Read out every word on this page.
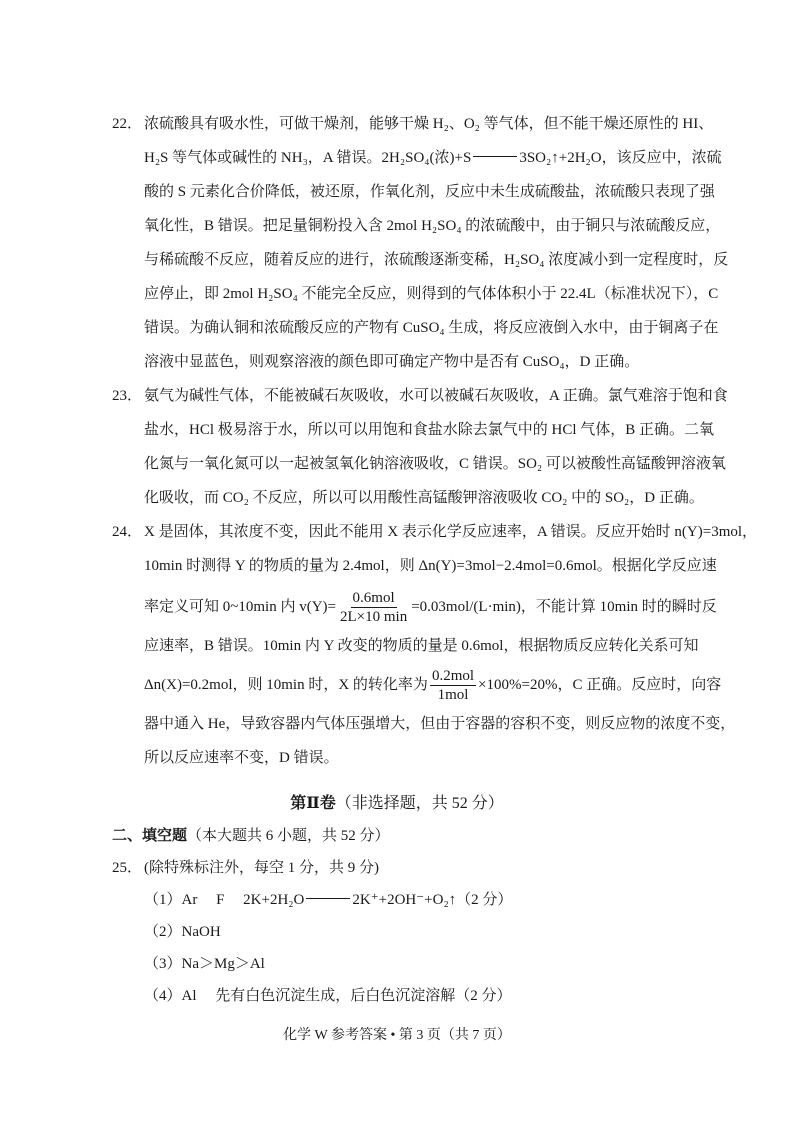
22． 浓硫酸具有吸水性，可做干燥剂，能够干燥 H₂、O₂ 等气体，但不能干燥还原性的 HI、
H₂S 等气体或碱性的 NH₃，A 错误。2H₂SO₄(浓)+S	3SO₂↑+2H₂O，该反应中，浓硫
酸的 S 元素化合价降低，被还原，作氧化剂，反应中未生成硫酸盐，浓硫酸只表现了强
氧化性，B 错误。把足量铜粉投入含 2mol H₂SO₄ 的浓硫酸中，由于铜只与浓硫酸反应，
与稀硫酸不反应，随着反应的进行，浓硫酸逐渐变稀，H₂SO₄ 浓度减小到一定程度时，反
应停止，即 2mol H₂SO₄ 不能完全反应，则得到的气体体积小于 22.4L（标准状况下），C
错误。为确认铜和浓硫酸反应的产物有 CuSO₄ 生成，将反应液倒入水中，由于铜离子在
溶液中显蓝色，则观察溶液的颜色即可确定产物中是否有 CuSO₄，D 正确。
23． 氨气为碱性气体，不能被碱石灰吸收，水可以被碱石灰吸收，A 正确。氯气难溶于饱和食
盐水，HCl 极易溶于水，所以可以用饱和食盐水除去氯气中的 HCl 气体，B 正确。二氧
化氮与一氧化氮可以一起被氢氧化钠溶液吸收，C 错误。SO₂ 可以被酸性高锰酸钾溶液氧
化吸收，而 CO₂ 不反应，所以可以用酸性高锰酸钾溶液吸收 CO₂ 中的 SO₂，D 正确。
24． X 是固体，其浓度不变，因此不能用 X 表示化学反应速率，A 错误。反应开始时 n(Y)=3mol，
10min 时测得 Y 的物质的量为 2.4mol，则 Δn(Y)=3mol−2.4mol=0.6mol。根据化学反应速
率定义可知 0~10min 内 $v(Y)= \frac{\text{0.6mol}}{2L\times 10 \min} =0.03mol/(L\cdot\min)$，不能计算 10min 时的瞬时反
应速率，B 错误。10min 内 Y 改变的物质的量是 0.6mol，根据物质反应转化关系可知
Δn(X)=0.2mol，则 10min 时，X 的转化率为 $\frac{\text{0.2mol}}{\text{1mol}} \times 100\%=20\%$，C 正确。反应时，向容
器中通入 He，导致容器内气体压强增大，但由于容器的容积不变，则反应物的浓度不变，
所以反应速率不变，D 错误。
第Ⅱ卷（非选择题，共 52 分）
二、填空题（本大题共 6 小题，共 52 分）
25． (除特殊标注外，每空 1 分，共 9 分)
（1）Ar　 F　 2K+2H₂O	2K⁺+2OH⁻+O₂↑（2 分）
（2）NaOH
（3）Na＞Mg＞Al
（4）Al　 先有白色沉淀生成，后白色沉淀溶解（2 分）
化学 W 参考答案 • 第 3 页（共 7 页）
